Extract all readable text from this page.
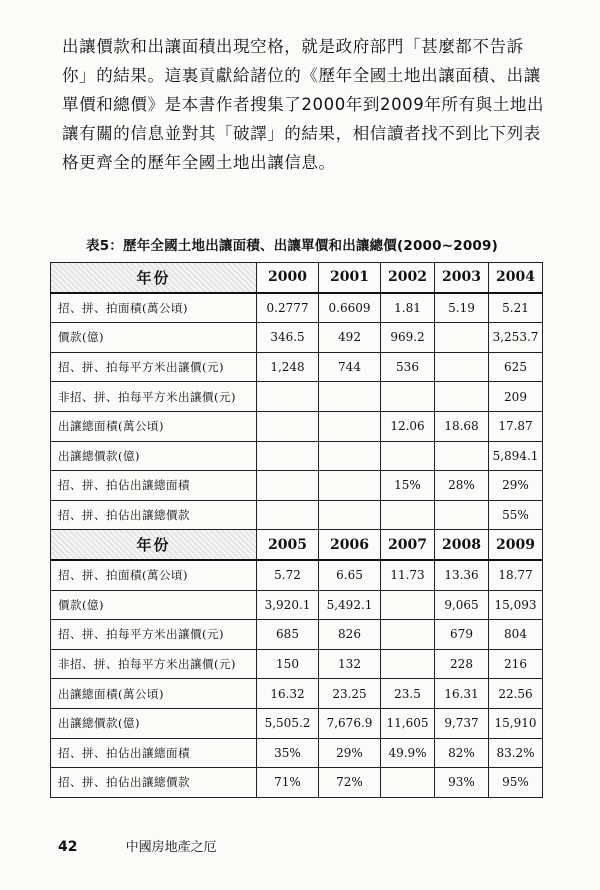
出讓價款和出讓面積出現空格，就是政府部門「甚麼都不告訴
你」的結果。這裏貢獻給諸位的《歷年全國土地出讓面積、出讓
單價和總價》是本書作者搜集了2000年到2009年所有與土地出
讓有關的信息並對其「破譯」的結果，相信讀者找不到比下列表
格更齊全的歷年全國土地出讓信息。
表5：歷年全國土地出讓面積、出讓單價和出讓總價(2000~2009)
年份	2000	2001	2002	2003	2004
招、拼、拍面積(萬公頃)	0.2777	0.6609	1.81	5.19	5.21
價款(億)	346.5	492	969.2		3,253.7
招、拼、拍每平方米出讓價(元)	1,248	744	536		625
非招、拼、拍每平方米出讓價(元)					209
出讓總面積(萬公頃)			12.06	18.68	17.87
出讓總價款(億)					5,894.1
招、拼、拍佔出讓總面積			15%	28%	29%
招、拼、拍佔出讓總價款					55%
年份	2005	2006	2007	2008	2009
招、拼、拍面積(萬公頃)	5.72	6.65	11.73	13.36	18.77
價款(億)	3,920.1	5,492.1		9,065	15,093
招、拼、拍每平方米出讓價(元)	685	826		679	804
非招、拼、拍每平方米出讓價(元)	150	132		228	216
出讓總面積(萬公頃)	16.32	23.25	23.5	16.31	22.56
出讓總價款(億)	5,505.2	7,676.9	11,605	9,737	15,910
招、拼、拍佔出讓總面積	35%	29%	49.9%	82%	83.2%
招、拼、拍佔出讓總價款	71%	72%		93%	95%
42	中國房地產之厄
